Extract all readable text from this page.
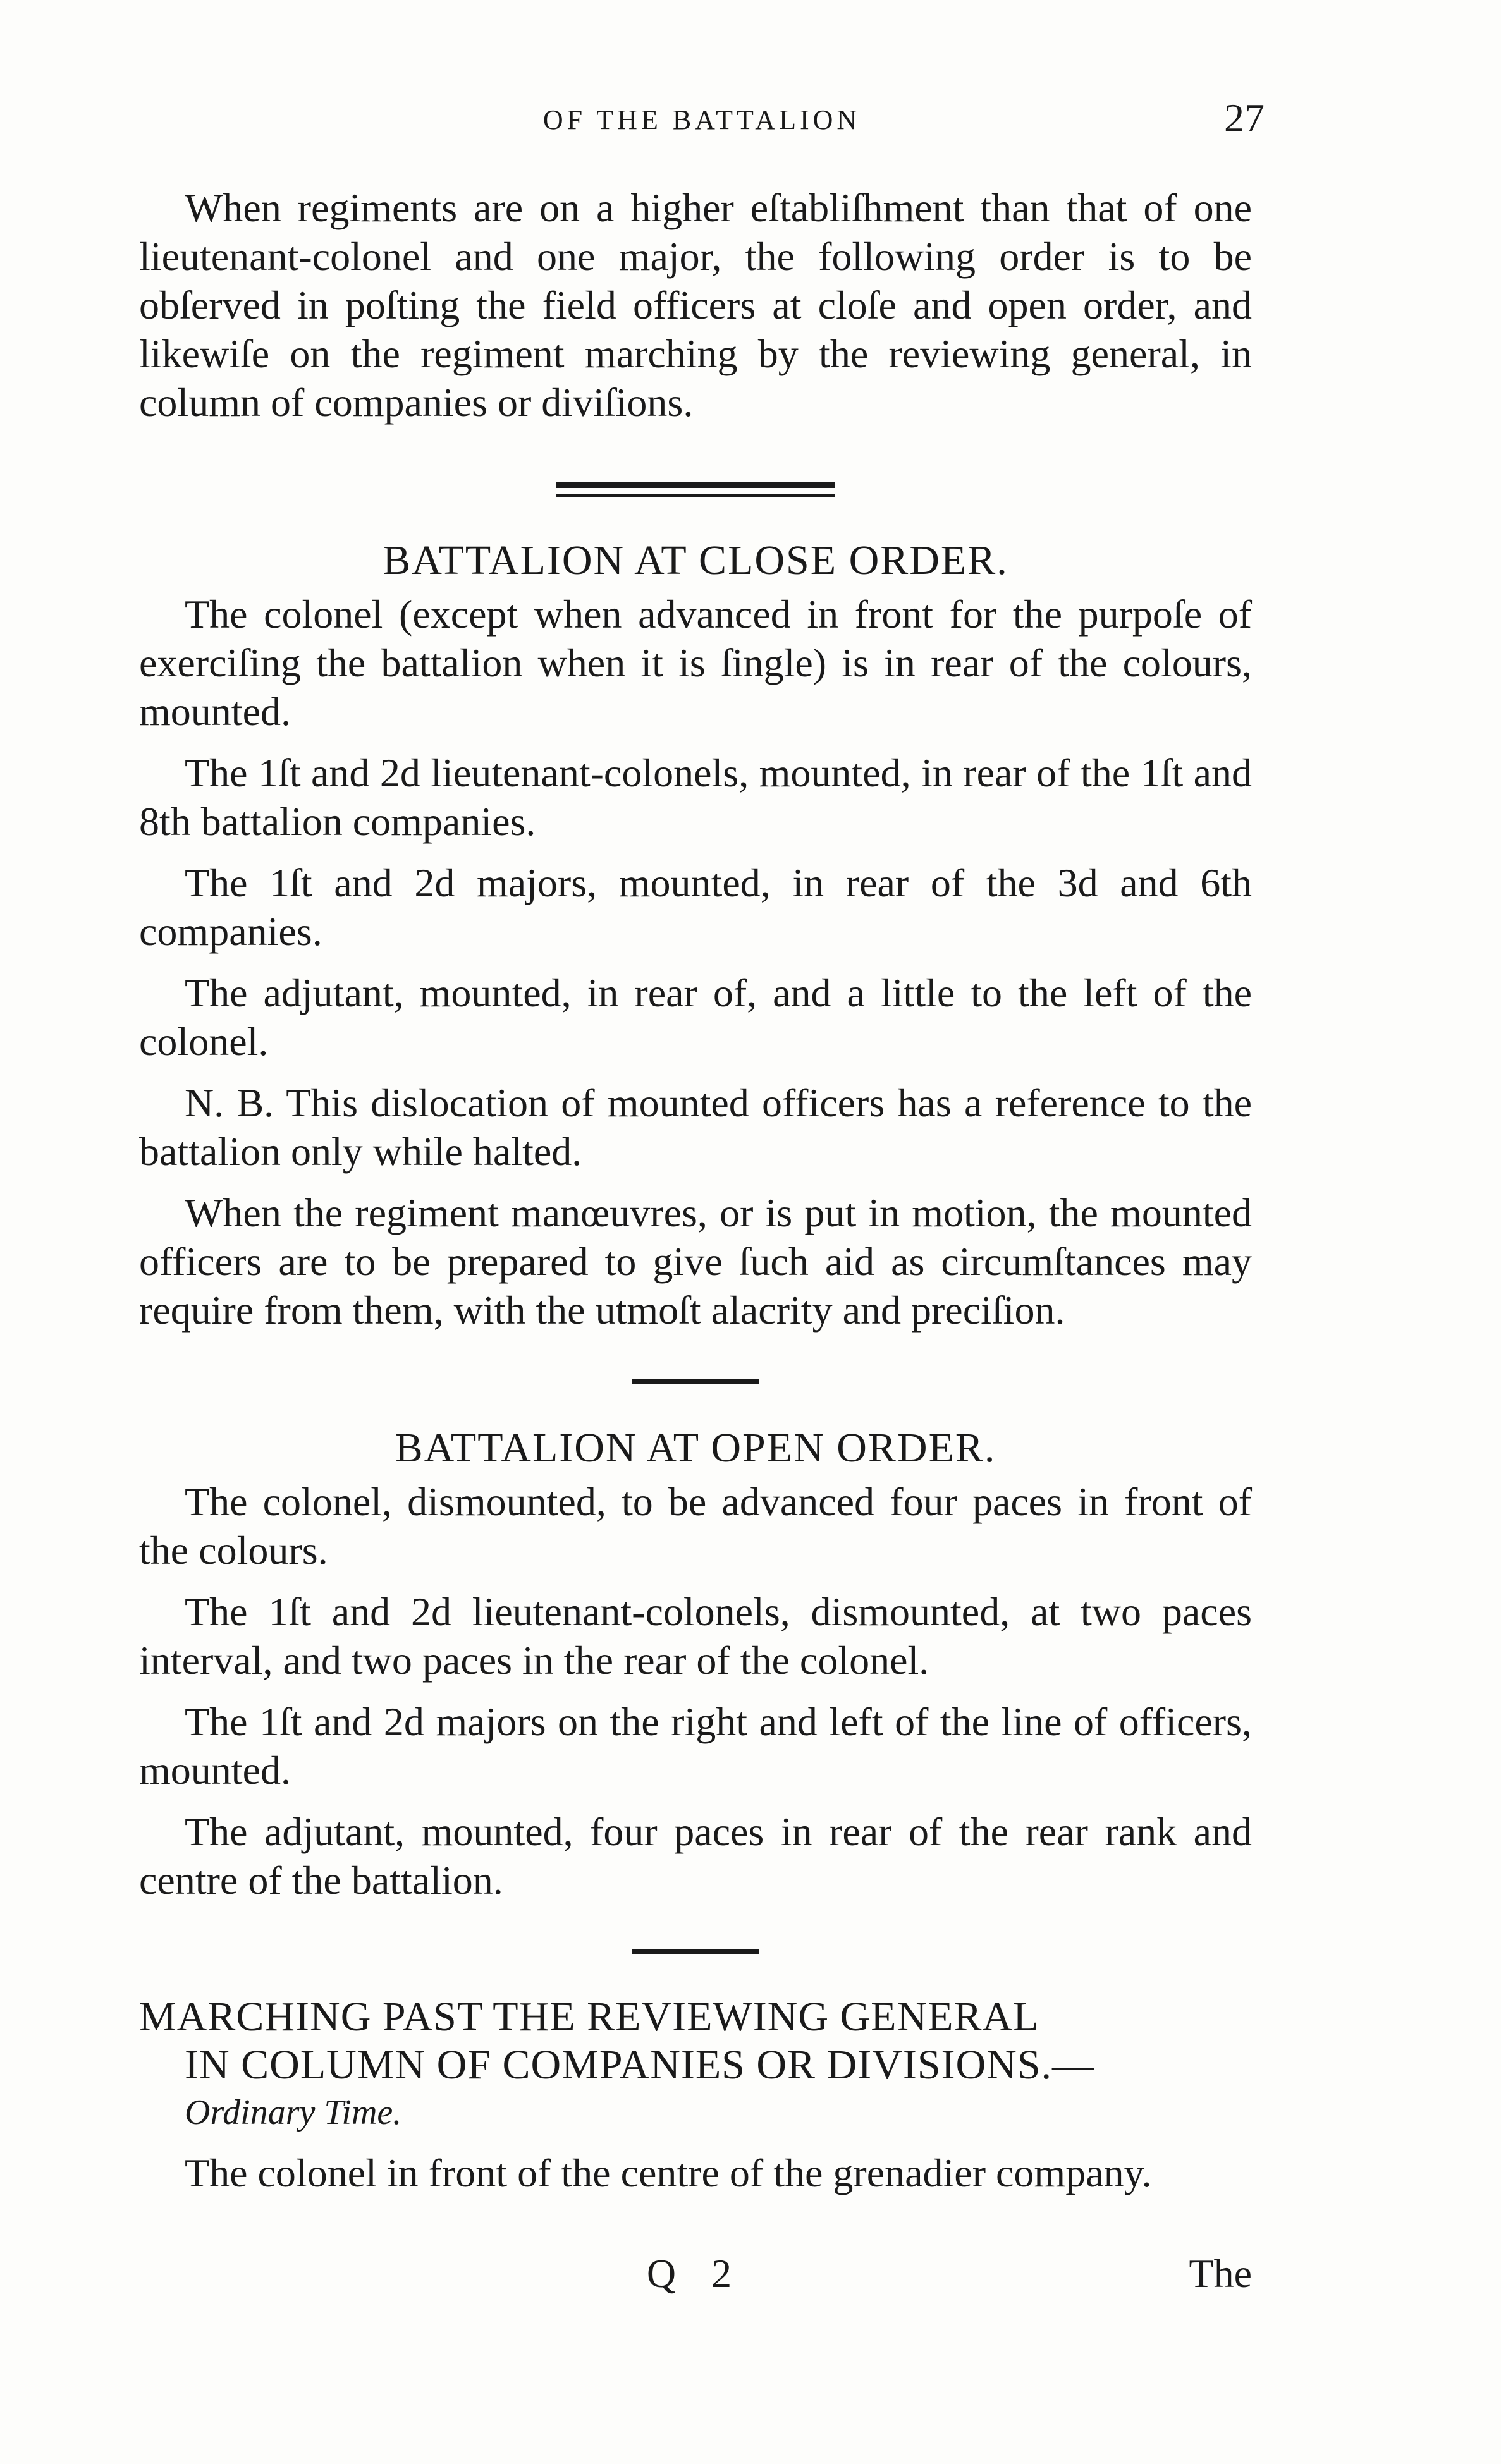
OF THE BATTALION	27

When regiments are on a higher eſtabliſhment than that of one lieutenant-colonel and one major, the following order is to be obſerved in poſting the field officers at cloſe and open order, and likewiſe on the regiment marching by the reviewing general, in column of companies or diviſions.

BATTALION AT CLOSE ORDER.

The colonel (except when advanced in front for the purpoſe of exerciſing the battalion when it is ſingle) is in rear of the colours, mounted.

The 1ſt and 2d lieutenant-colonels, mounted, in rear of the 1ſt and 8th battalion companies.

The 1ſt and 2d majors, mounted, in rear of the 3d and 6th companies.

The adjutant, mounted, in rear of, and a little to the left of the colonel.

N. B. This dislocation of mounted officers has a reference to the battalion only while halted.

When the regiment manœuvres, or is put in motion, the mounted officers are to be prepared to give ſuch aid as circumſtances may require from them, with the utmoſt alacrity and preciſion.

BATTALION AT OPEN ORDER.

The colonel, dismounted, to be advanced four paces in front of the colours.

The 1ſt and 2d lieutenant-colonels, dismounted, at two paces interval, and two paces in the rear of the colonel.

The 1ſt and 2d majors on the right and left of the line of officers, mounted.

The adjutant, mounted, four paces in rear of the rear rank and centre of the battalion.

MARCHING PAST THE REVIEWING GENERAL
IN COLUMN OF COMPANIES OR DIVISIONS.—
Ordinary Time.

The colonel in front of the centre of the grenadier company.

Q 2	The
